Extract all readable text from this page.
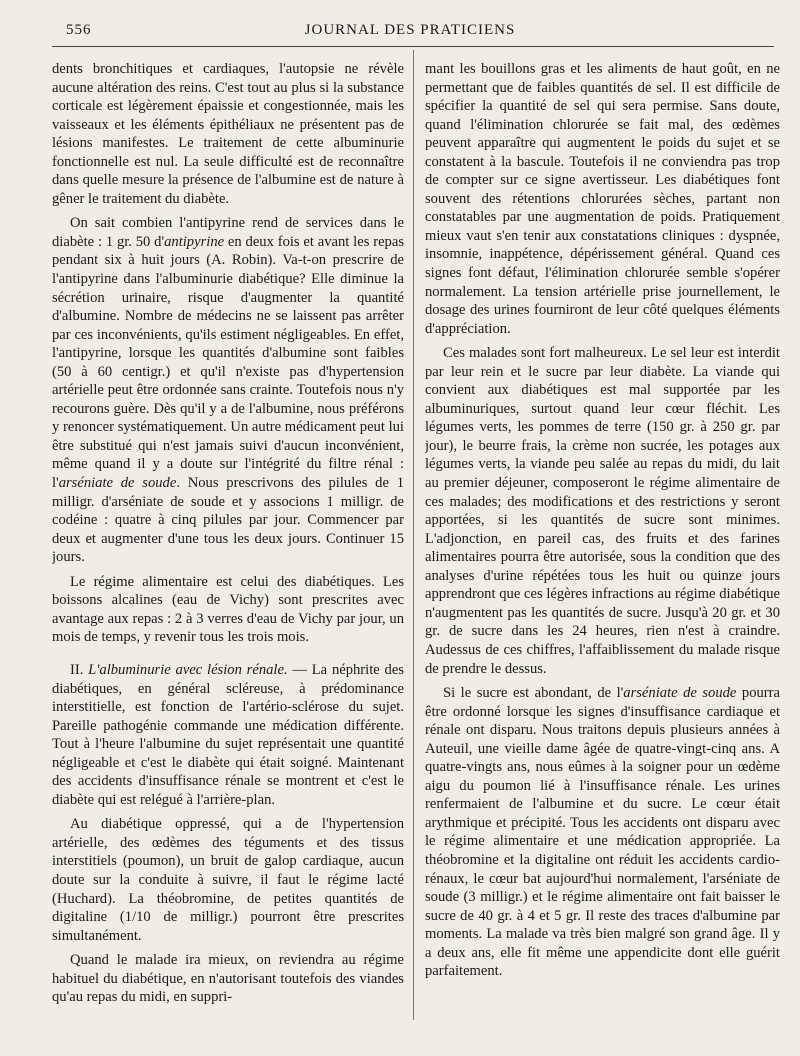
556	JOURNAL DES PRATICIENS

dents bronchitiques et cardiaques, l'autopsie ne révèle aucune altération des reins. C'est tout au plus si la substance corticale est légèrement épaissie et congestionnée, mais les vaisseaux et les éléments épithéliaux ne présentent pas de lésions manifestes. Le traitement de cette albuminurie fonctionnelle est nul. La seule difficulté est de reconnaître dans quelle mesure la présence de l'albumine est de nature à gêner le traitement du diabète.

On sait combien l'antipyrine rend de services dans le diabète : 1 gr. 50 d'antipyrine en deux fois et avant les repas pendant six à huit jours (A. Robin). Va-t-on prescrire de l'antipyrine dans l'albuminurie diabétique? Elle diminue la sécrétion urinaire, risque d'augmenter la quantité d'albumine. Nombre de médecins ne se laissent pas arrêter par ces inconvénients, qu'ils estiment négligeables. En effet, l'antipyrine, lorsque les quantités d'albumine sont faibles (50 à 60 centigr.) et qu'il n'existe pas d'hypertension artérielle peut être ordonnée sans crainte. Toutefois nous n'y recourons guère. Dès qu'il y a de l'albumine, nous préférons y renoncer systématiquement. Un autre médicament peut lui être substitué qui n'est jamais suivi d'aucun inconvénient, même quand il y a doute sur l'intégrité du filtre rénal : l'arséniate de soude. Nous prescrivons des pilules de 1 milligr. d'arséniate de soude et y associons 1 milligr. de codéine : quatre à cinq pilules par jour. Commencer par deux et augmenter d'une tous les deux jours. Continuer 15 jours.

Le régime alimentaire est celui des diabétiques. Les boissons alcalines (eau de Vichy) sont prescrites avec avantage aux repas : 2 à 3 verres d'eau de Vichy par jour, un mois de temps, y revenir tous les trois mois.

II. L'albuminurie avec lésion rénale. — La néphrite des diabétiques, en général scléreuse, à prédominance interstitielle, est fonction de l'artério-sclérose du sujet. Pareille pathogénie commande une médication différente. Tout à l'heure l'albumine du sujet représentait une quantité négligeable et c'est le diabète qui était soigné. Maintenant des accidents d'insuffisance rénale se montrent et c'est le diabète qui est relégué à l'arrière-plan.

Au diabétique oppressé, qui a de l'hypertension artérielle, des œdèmes des téguments et des tissus interstitiels (poumon), un bruit de galop cardiaque, aucun doute sur la conduite à suivre, il faut le régime lacté (Huchard). La théobromine, de petites quantités de digitaline (1/10 de milligr.) pourront être prescrites simultanément.

Quand le malade ira mieux, on reviendra au régime habituel du diabétique, en n'autorisant toutefois des viandes qu'au repas du midi, en suppri-

mant les bouillons gras et les aliments de haut goût, en ne permettant que de faibles quantités de sel. Il est difficile de spécifier la quantité de sel qui sera permise. Sans doute, quand l'élimination chlorurée se fait mal, des œdèmes peuvent apparaître qui augmentent le poids du sujet et se constatent à la bascule. Toutefois il ne conviendra pas trop de compter sur ce signe avertisseur. Les diabétiques font souvent des rétentions chlorurées sèches, partant non constatables par une augmentation de poids. Pratiquement mieux vaut s'en tenir aux constatations cliniques : dyspnée, insomnie, inappétence, dépérissement général. Quand ces signes font défaut, l'élimination chlorurée semble s'opérer normalement. La tension artérielle prise journellement, le dosage des urines fourniront de leur côté quelques éléments d'appréciation.

Ces malades sont fort malheureux. Le sel leur est interdit par leur rein et le sucre par leur diabète. La viande qui convient aux diabétiques est mal supportée par les albuminuriques, surtout quand leur cœur fléchit. Les légumes verts, les pommes de terre (150 gr. à 250 gr. par jour), le beurre frais, la crème non sucrée, les potages aux légumes verts, la viande peu salée au repas du midi, du lait au premier déjeuner, composeront le régime alimentaire de ces malades; des modifications et des restrictions y seront apportées, si les quantités de sucre sont minimes. L'adjonction, en pareil cas, des fruits et des farines alimentaires pourra être autorisée, sous la condition que des analyses d'urine répétées tous les huit ou quinze jours apprendront que ces légères infractions au régime diabétique n'augmentent pas les quantités de sucre. Jusqu'à 20 gr. et 30 gr. de sucre dans les 24 heures, rien n'est à craindre. Audessus de ces chiffres, l'affaiblissement du malade risque de prendre le dessus.

Si le sucre est abondant, de l'arséniate de soude pourra être ordonné lorsque les signes d'insuffisance cardiaque et rénale ont disparu. Nous traitons depuis plusieurs années à Auteuil, une vieille dame âgée de quatre-vingt-cinq ans. A quatre-vingts ans, nous eûmes à la soigner pour un œdème aigu du poumon lié à l'insuffisance rénale. Les urines renfermaient de l'albumine et du sucre. Le cœur était arythmique et précipité. Tous les accidents ont disparu avec le régime alimentaire et une médication appropriée. La théobromine et la digitaline ont réduit les accidents cardio-rénaux, le cœur bat aujourd'hui normalement, l'arséniate de soude (3 milligr.) et le régime alimentaire ont fait baisser le sucre de 40 gr. à 4 et 5 gr. Il reste des traces d'albumine par moments. La malade va très bien malgré son grand âge. Il y a deux ans, elle fit même une appendicite dont elle guérit parfaitement.
